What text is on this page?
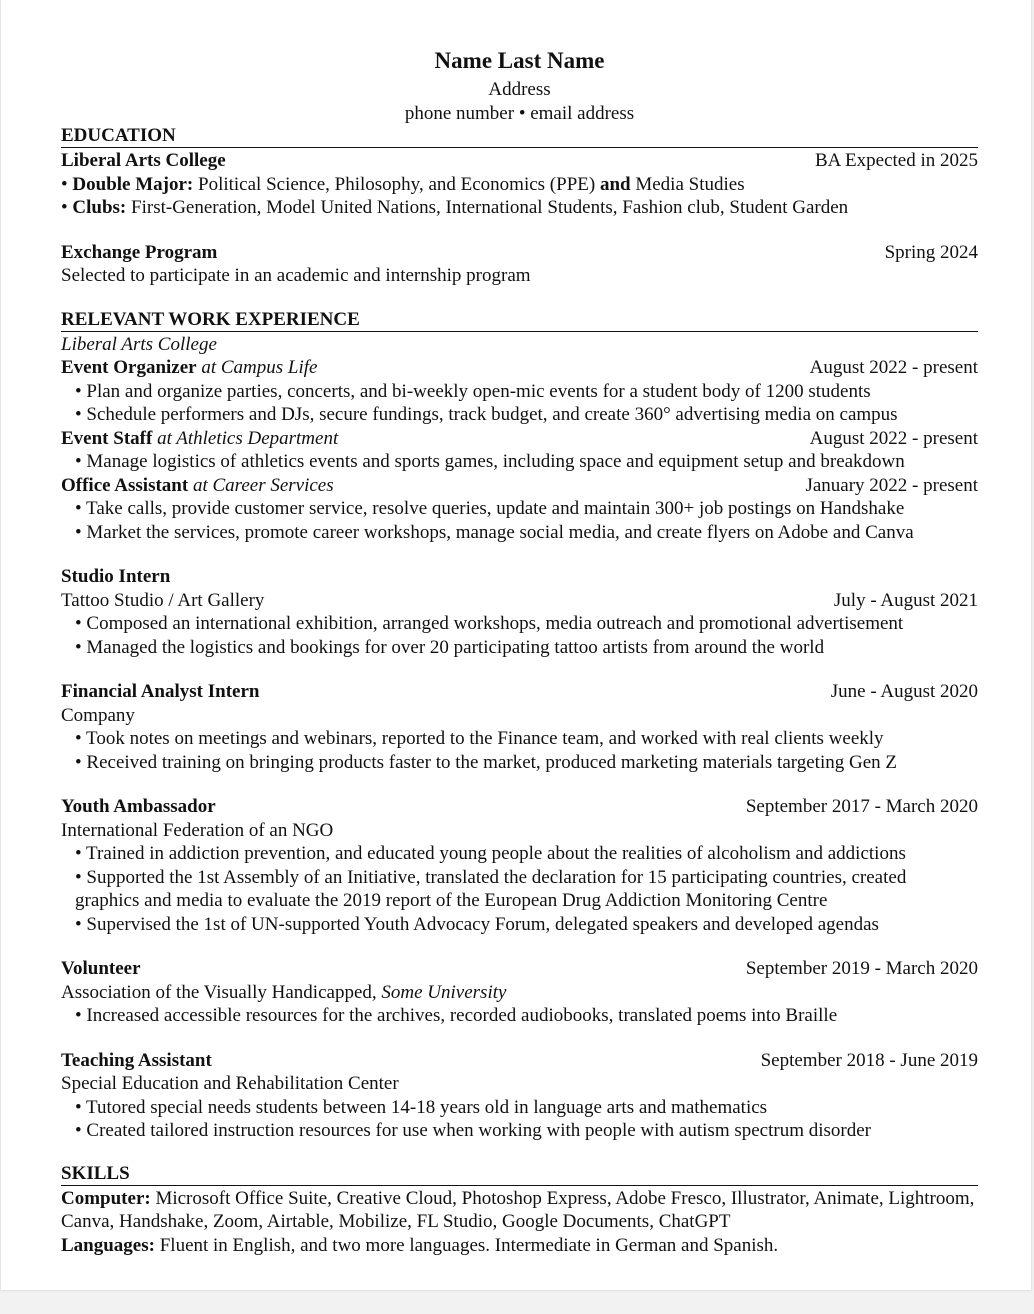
Name Last Name
Address
phone number • email address
EDUCATION
Liberal Arts College	BA Expected in 2025
• Double Major: Political Science, Philosophy, and Economics (PPE) and Media Studies
• Clubs: First-Generation, Model United Nations, International Students, Fashion club, Student Garden
Exchange Program	Spring 2024
Selected to participate in an academic and internship program
RELEVANT WORK EXPERIENCE
Liberal Arts College
Event Organizer at Campus Life	August 2022 - present
• Plan and organize parties, concerts, and bi-weekly open-mic events for a student body of 1200 students
• Schedule performers and DJs, secure fundings, track budget, and create 360° advertising media on campus
Event Staff at Athletics Department	August 2022 - present
• Manage logistics of athletics events and sports games, including space and equipment setup and breakdown
Office Assistant at Career Services	January 2022 - present
• Take calls, provide customer service, resolve queries, update and maintain 300+ job postings on Handshake
• Market the services, promote career workshops, manage social media, and create flyers on Adobe and Canva
Studio Intern
Tattoo Studio / Art Gallery	July - August 2021
• Composed an international exhibition, arranged workshops, media outreach and promotional advertisement
• Managed the logistics and bookings for over 20 participating tattoo artists from around the world
Financial Analyst Intern	June - August 2020
Company
• Took notes on meetings and webinars, reported to the Finance team, and worked with real clients weekly
• Received training on bringing products faster to the market, produced marketing materials targeting Gen Z
Youth Ambassador	September 2017 - March 2020
International Federation of an NGO
• Trained in addiction prevention, and educated young people about the realities of alcoholism and addictions
• Supported the 1st Assembly of an Initiative, translated the declaration for 15 participating countries, created graphics and media to evaluate the 2019 report of the European Drug Addiction Monitoring Centre
• Supervised the 1st of UN-supported Youth Advocacy Forum, delegated speakers and developed agendas
Volunteer	September 2019 - March 2020
Association of the Visually Handicapped, Some University
• Increased accessible resources for the archives, recorded audiobooks, translated poems into Braille
Teaching Assistant	September 2018 - June 2019
Special Education and Rehabilitation Center
• Tutored special needs students between 14-18 years old in language arts and mathematics
• Created tailored instruction resources for use when working with people with autism spectrum disorder
SKILLS
Computer: Microsoft Office Suite, Creative Cloud, Photoshop Express, Adobe Fresco, Illustrator, Animate, Lightroom, Canva, Handshake, Zoom, Airtable, Mobilize, FL Studio, Google Documents, ChatGPT
Languages: Fluent in English, and two more languages. Intermediate in German and Spanish.
